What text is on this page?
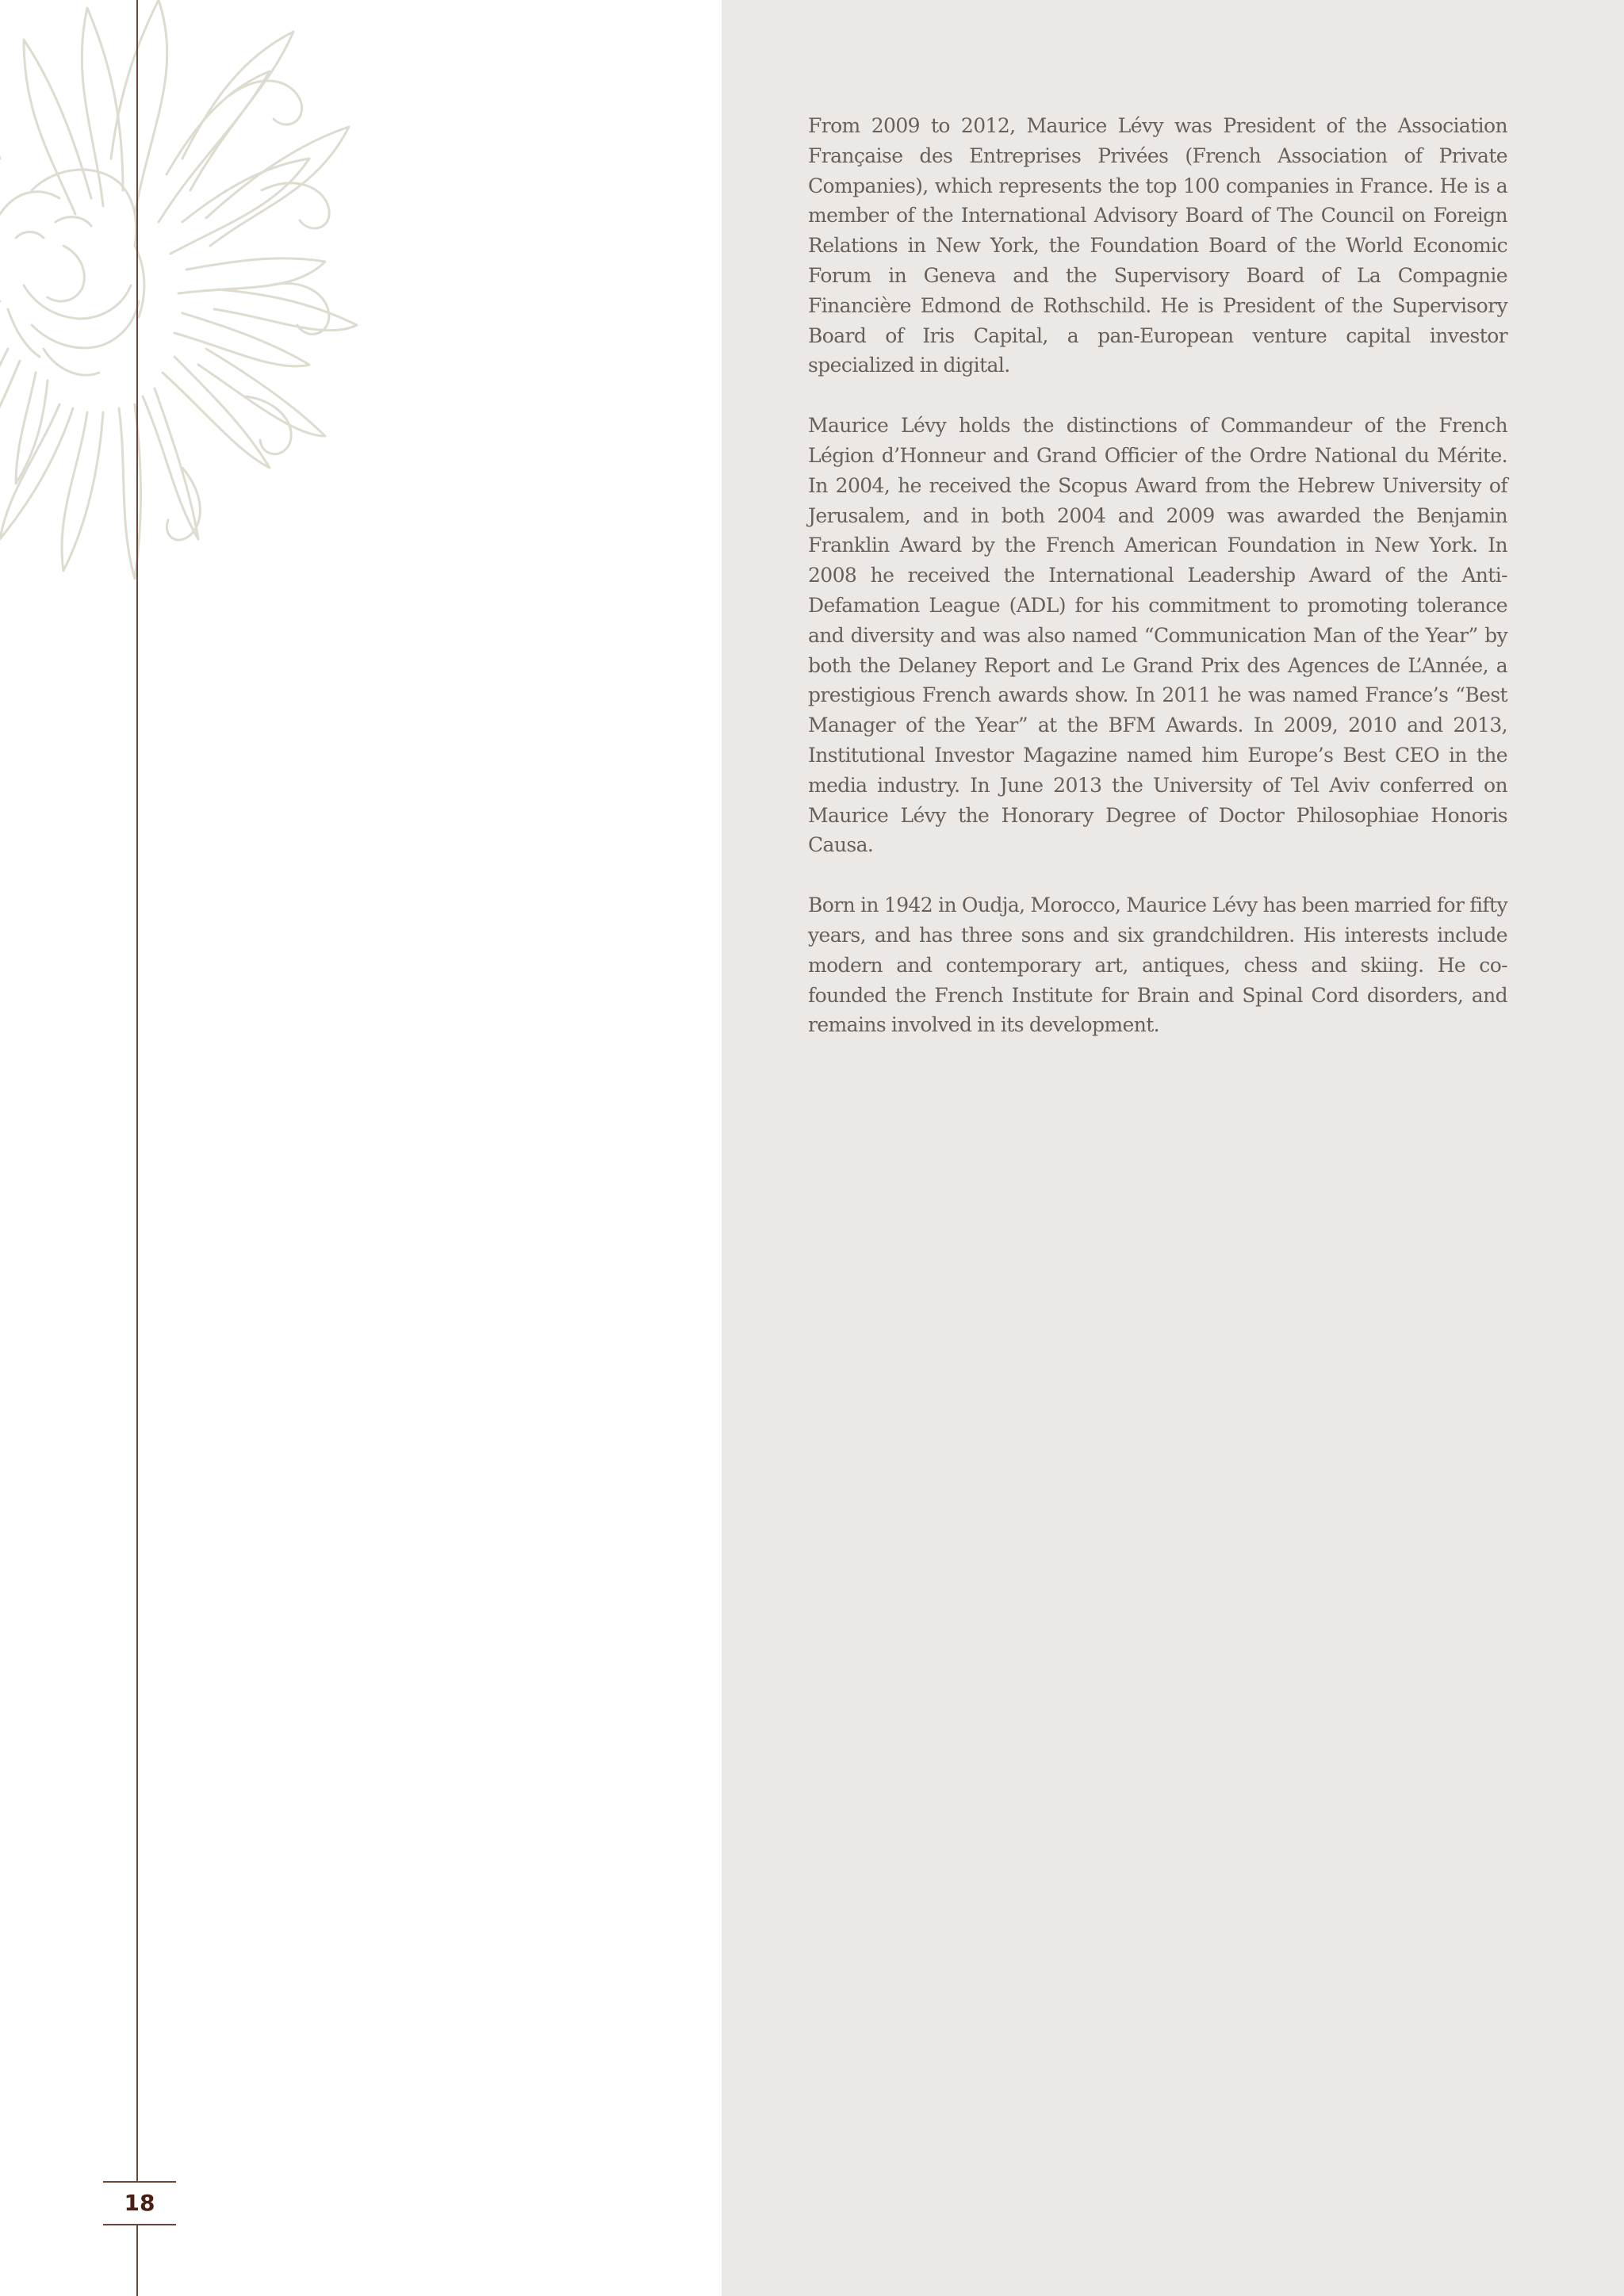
18

From 2009 to 2012, Maurice Lévy was President of the Association Française des Entreprises Privées (French Association of Private Companies), which represents the top 100 companies in France. He is a member of the International Advisory Board of The Council on Foreign Relations in New York, the Foundation Board of the World Economic Forum in Geneva and the Supervisory Board of La Compagnie Financière Edmond de Rothschild. He is President of the Supervisory Board of Iris Capital, a pan-European venture capital investor specialized in digital.

Maurice Lévy holds the distinctions of Commandeur of the French Légion d’Honneur and Grand Officier of the Ordre National du Mérite. In 2004, he received the Scopus Award from the Hebrew University of Jerusalem, and in both 2004 and 2009 was awarded the Benjamin Franklin Award by the French American Foundation in New York. In 2008 he received the International Leadership Award of the Anti-Defamation League (ADL) for his commitment to promoting tolerance and diversity and was also named “Communication Man of the Year” by both the Delaney Report and Le Grand Prix des Agences de L’Année, a prestigious French awards show. In 2011 he was named France’s “Best Manager of the Year” at the BFM Awards. In 2009, 2010 and 2013, Institutional Investor Magazine named him Europe’s Best CEO in the media industry. In June 2013 the University of Tel Aviv conferred on Maurice Lévy the Honorary Degree of Doctor Philosophiae Honoris Causa.

Born in 1942 in Oudja, Morocco, Maurice Lévy has been married for fifty years, and has three sons and six grandchildren. His interests include modern and contemporary art, antiques, chess and skiing. He co-founded the French Institute for Brain and Spinal Cord disorders, and remains involved in its development.
